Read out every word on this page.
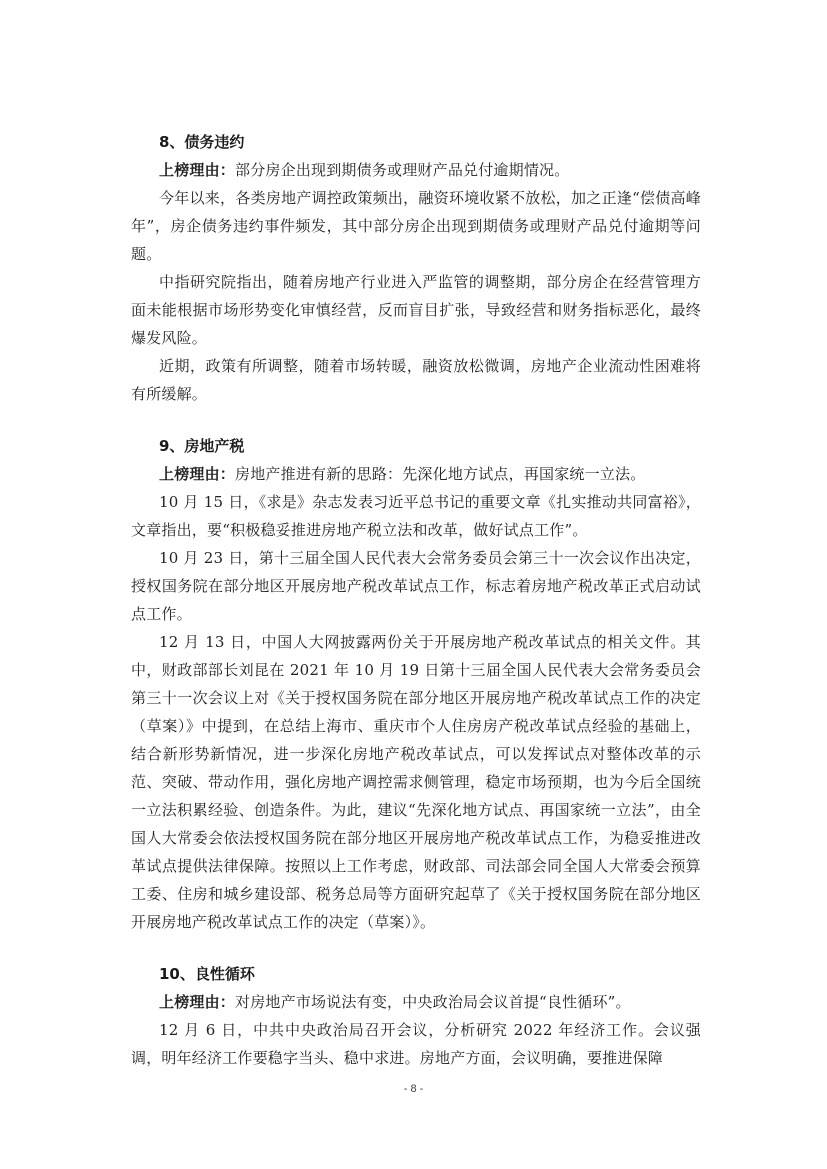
8、债务违约

上榜理由：部分房企出现到期债务或理财产品兑付逾期情况。

今年以来，各类房地产调控政策频出，融资环境收紧不放松，加之正逢“偿债高峰年”，房企债务违约事件频发，其中部分房企出现到期债务或理财产品兑付逾期等问题。

中指研究院指出，随着房地产行业进入严监管的调整期，部分房企在经营管理方面未能根据市场形势变化审慎经营，反而盲目扩张，导致经营和财务指标恶化，最终爆发风险。

近期，政策有所调整，随着市场转暖，融资放松微调，房地产企业流动性困难将有所缓解。

9、房地产税

上榜理由：房地产推进有新的思路：先深化地方试点，再国家统一立法。

10 月 15 日，《求是》杂志发表习近平总书记的重要文章《扎实推动共同富裕》，文章指出，要“积极稳妥推进房地产税立法和改革，做好试点工作”。

10 月 23 日，第十三届全国人民代表大会常务委员会第三十一次会议作出决定，授权国务院在部分地区开展房地产税改革试点工作，标志着房地产税改革正式启动试点工作。

12 月 13 日，中国人大网披露两份关于开展房地产税改革试点的相关文件。其中，财政部部长刘昆在 2021 年 10 月 19 日第十三届全国人民代表大会常务委员会第三十一次会议上对《关于授权国务院在部分地区开展房地产税改革试点工作的决定（草案）》中提到，在总结上海市、重庆市个人住房房产税改革试点经验的基础上，结合新形势新情况，进一步深化房地产税改革试点，可以发挥试点对整体改革的示范、突破、带动作用，强化房地产调控需求侧管理，稳定市场预期，也为今后全国统一立法积累经验、创造条件。为此，建议“先深化地方试点、再国家统一立法”，由全国人大常委会依法授权国务院在部分地区开展房地产税改革试点工作，为稳妥推进改革试点提供法律保障。按照以上工作考虑，财政部、司法部会同全国人大常委会预算工委、住房和城乡建设部、税务总局等方面研究起草了《关于授权国务院在部分地区开展房地产税改革试点工作的决定（草案）》。

10、良性循环

上榜理由：对房地产市场说法有变，中央政治局会议首提“良性循环”。

12 月 6 日，中共中央政治局召开会议，分析研究 2022 年经济工作。会议强调，明年经济工作要稳字当头、稳中求进。房地产方面，会议明确，要推进保障

- 8 -
